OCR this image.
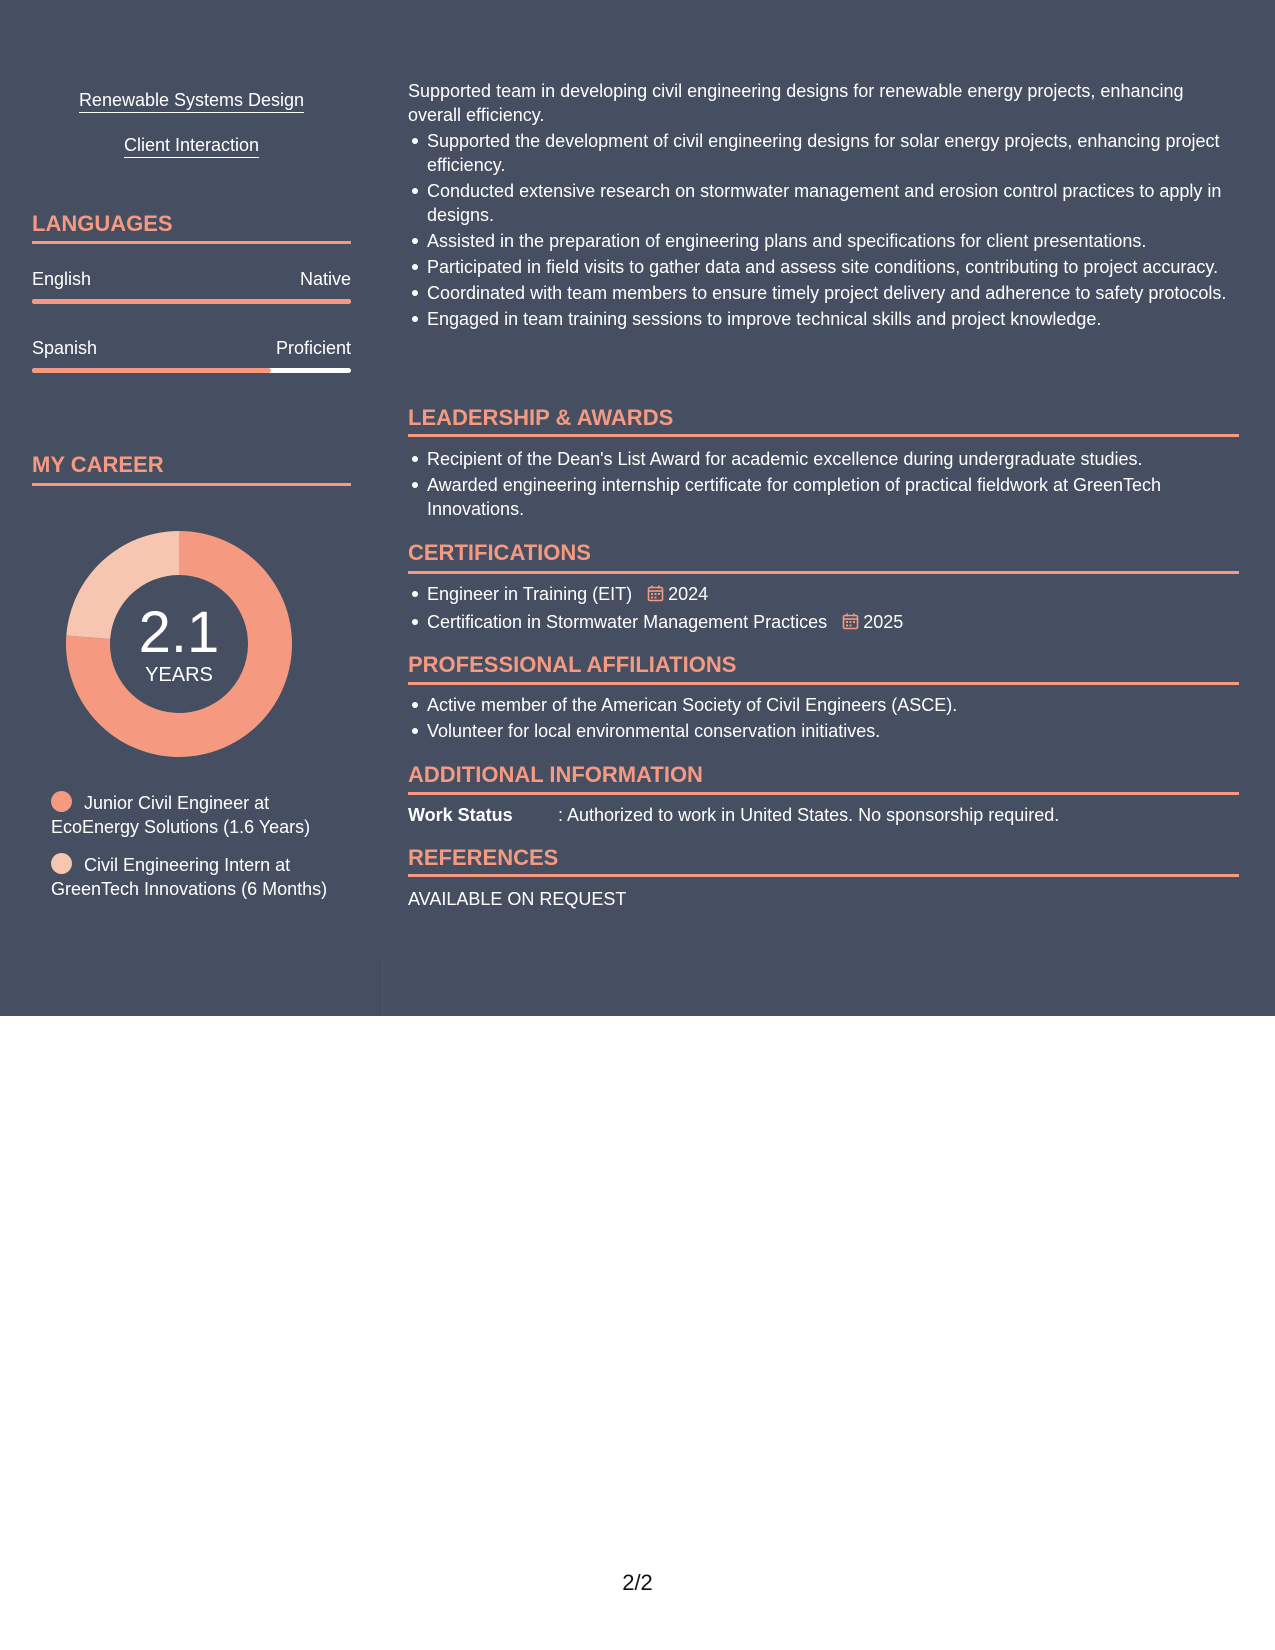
Renewable Systems Design
Client Interaction
LANGUAGES
English	Native
Spanish	Proficient
MY CAREER
2.1
YEARS
Junior Civil Engineer at EcoEnergy Solutions (1.6 Years)
Civil Engineering Intern at GreenTech Innovations (6 Months)
Supported team in developing civil engineering designs for renewable energy projects, enhancing overall efficiency.
Supported the development of civil engineering designs for solar energy projects, enhancing project efficiency.
Conducted extensive research on stormwater management and erosion control practices to apply in designs.
Assisted in the preparation of engineering plans and specifications for client presentations.
Participated in field visits to gather data and assess site conditions, contributing to project accuracy.
Coordinated with team members to ensure timely project delivery and adherence to safety protocols.
Engaged in team training sessions to improve technical skills and project knowledge.
LEADERSHIP & AWARDS
Recipient of the Dean's List Award for academic excellence during undergraduate studies.
Awarded engineering internship certificate for completion of practical fieldwork at GreenTech Innovations.
CERTIFICATIONS
Engineer in Training (EIT) 2024
Certification in Stormwater Management Practices 2025
PROFESSIONAL AFFILIATIONS
Active member of the American Society of Civil Engineers (ASCE).
Volunteer for local environmental conservation initiatives.
ADDITIONAL INFORMATION
Work Status	: Authorized to work in United States. No sponsorship required.
REFERENCES
AVAILABLE ON REQUEST
2/2
